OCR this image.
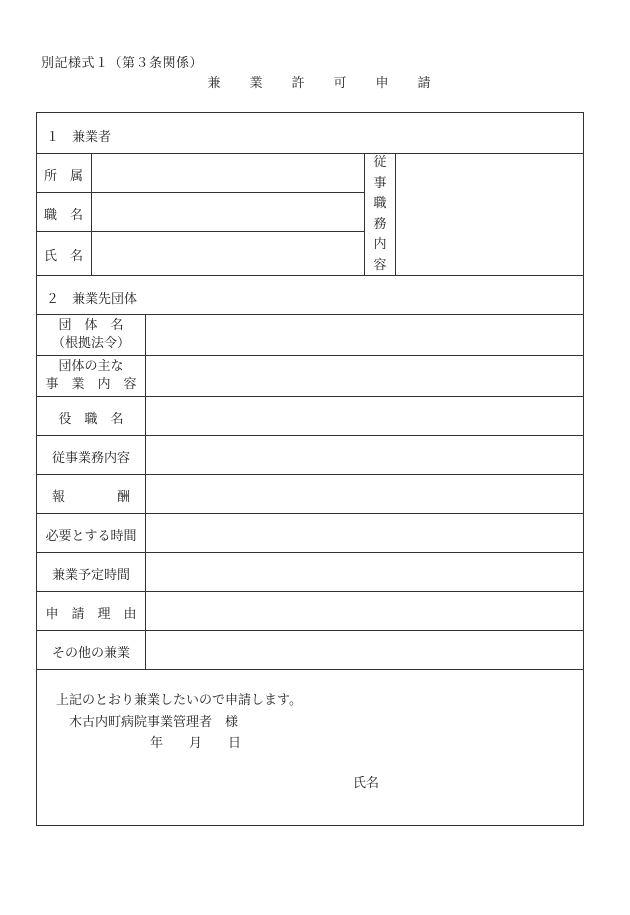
別記様式１（第３条関係）
兼　業　許　可　申　請
１　兼業者
所　属
職　名
氏　名
従
事
職
務
内
容
２　兼業先団体
団　体　名
（根拠法令）
団体の主な
事　業　内　容
役　職　名
従事業務内容
報　　　　酬
必要とする時間
兼業予定時間
申　請　理　由
その他の兼業
上記のとおり兼業したいので申請します。
木古内町病院事業管理者　様
年　　月　　日
氏名
